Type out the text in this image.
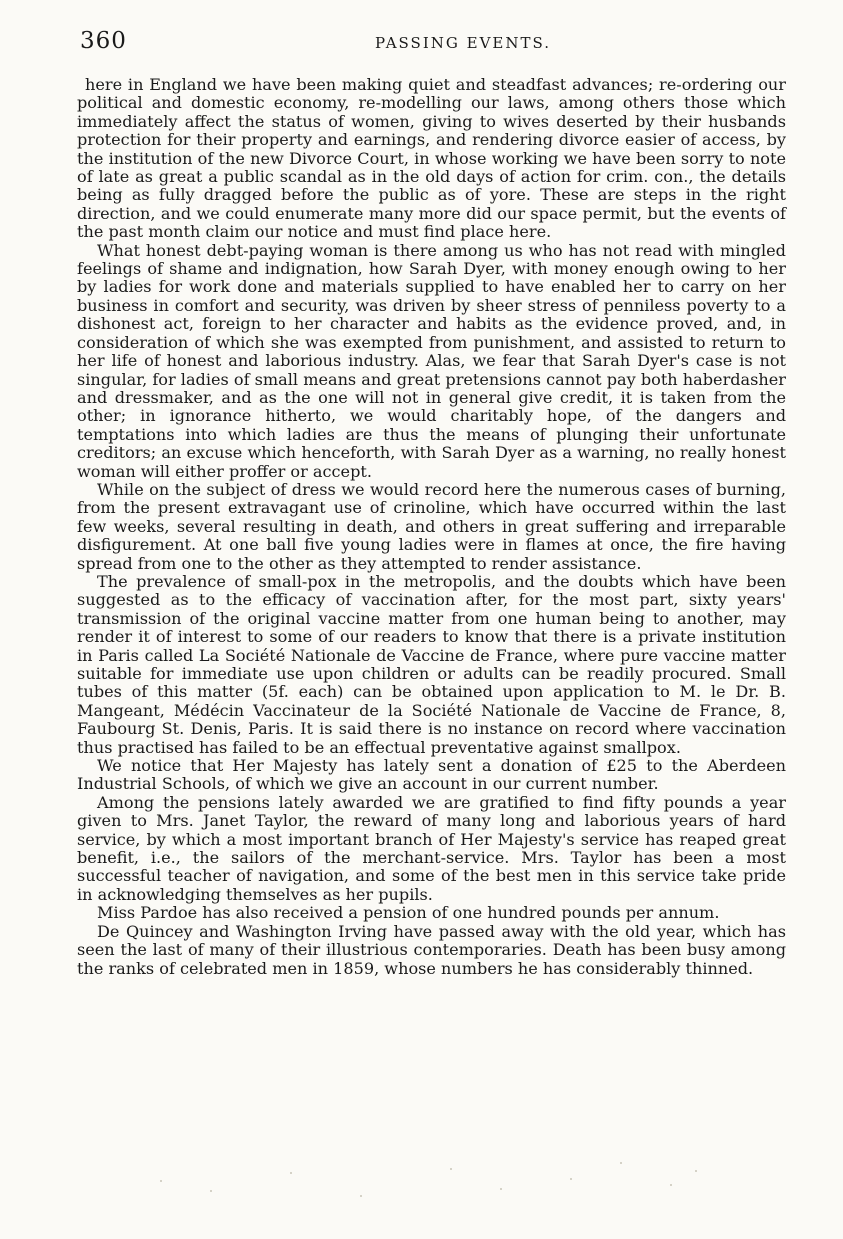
360	PASSING EVENTS.

here in England we have been making quiet and steadfast advances; re-ordering our political and domestic economy, re-modelling our laws, among others those which immediately affect the status of women, giving to wives deserted by their husbands protection for their property and earnings, and rendering divorce easier of access, by the institution of the new Divorce Court, in whose working we have been sorry to note of late as great a public scandal as in the old days of action for crim. con., the details being as fully dragged before the public as of yore. These are steps in the right direction, and we could enumerate many more did our space permit, but the events of the past month claim our notice and must find place here.

What honest debt-paying woman is there among us who has not read with mingled feelings of shame and indignation, how Sarah Dyer, with money enough owing to her by ladies for work done and materials supplied to have enabled her to carry on her business in comfort and security, was driven by sheer stress of penniless poverty to a dishonest act, foreign to her character and habits as the evidence proved, and, in consideration of which she was exempted from punishment, and assisted to return to her life of honest and laborious industry. Alas, we fear that Sarah Dyer's case is not singular, for ladies of small means and great pretensions cannot pay both haberdasher and dressmaker, and as the one will not in general give credit, it is taken from the other; in ignorance hitherto, we would charitably hope, of the dangers and temptations into which ladies are thus the means of plunging their unfortunate creditors; an excuse which henceforth, with Sarah Dyer as a warning, no really honest woman will either proffer or accept.

While on the subject of dress we would record here the numerous cases of burning, from the present extravagant use of crinoline, which have occurred within the last few weeks, several resulting in death, and others in great suffering and irreparable disfigurement. At one ball five young ladies were in flames at once, the fire having spread from one to the other as they attempted to render assistance.

The prevalence of small-pox in the metropolis, and the doubts which have been suggested as to the efficacy of vaccination after, for the most part, sixty years' transmission of the original vaccine matter from one human being to another, may render it of interest to some of our readers to know that there is a private institution in Paris called La Société Nationale de Vaccine de France, where pure vaccine matter suitable for immediate use upon children or adults can be readily procured. Small tubes of this matter (5f. each) can be obtained upon application to M. le Dr. B. Mangeant, Médécin Vaccinateur de la Société Nationale de Vaccine de France, 8, Faubourg St. Denis, Paris. It is said there is no instance on record where vaccination thus practised has failed to be an effectual preventative against smallpox.

We notice that Her Majesty has lately sent a donation of £25 to the Aberdeen Industrial Schools, of which we give an account in our current number.

Among the pensions lately awarded we are gratified to find fifty pounds a year given to Mrs. Janet Taylor, the reward of many long and laborious years of hard service, by which a most important branch of Her Majesty's service has reaped great benefit, i.e., the sailors of the merchant-service. Mrs. Taylor has been a most successful teacher of navigation, and some of the best men in this service take pride in acknowledging themselves as her pupils.

Miss Pardoe has also received a pension of one hundred pounds per annum.

De Quincey and Washington Irving have passed away with the old year, which has seen the last of many of their illustrious contemporaries. Death has been busy among the ranks of celebrated men in 1859, whose numbers he has considerably thinned.
